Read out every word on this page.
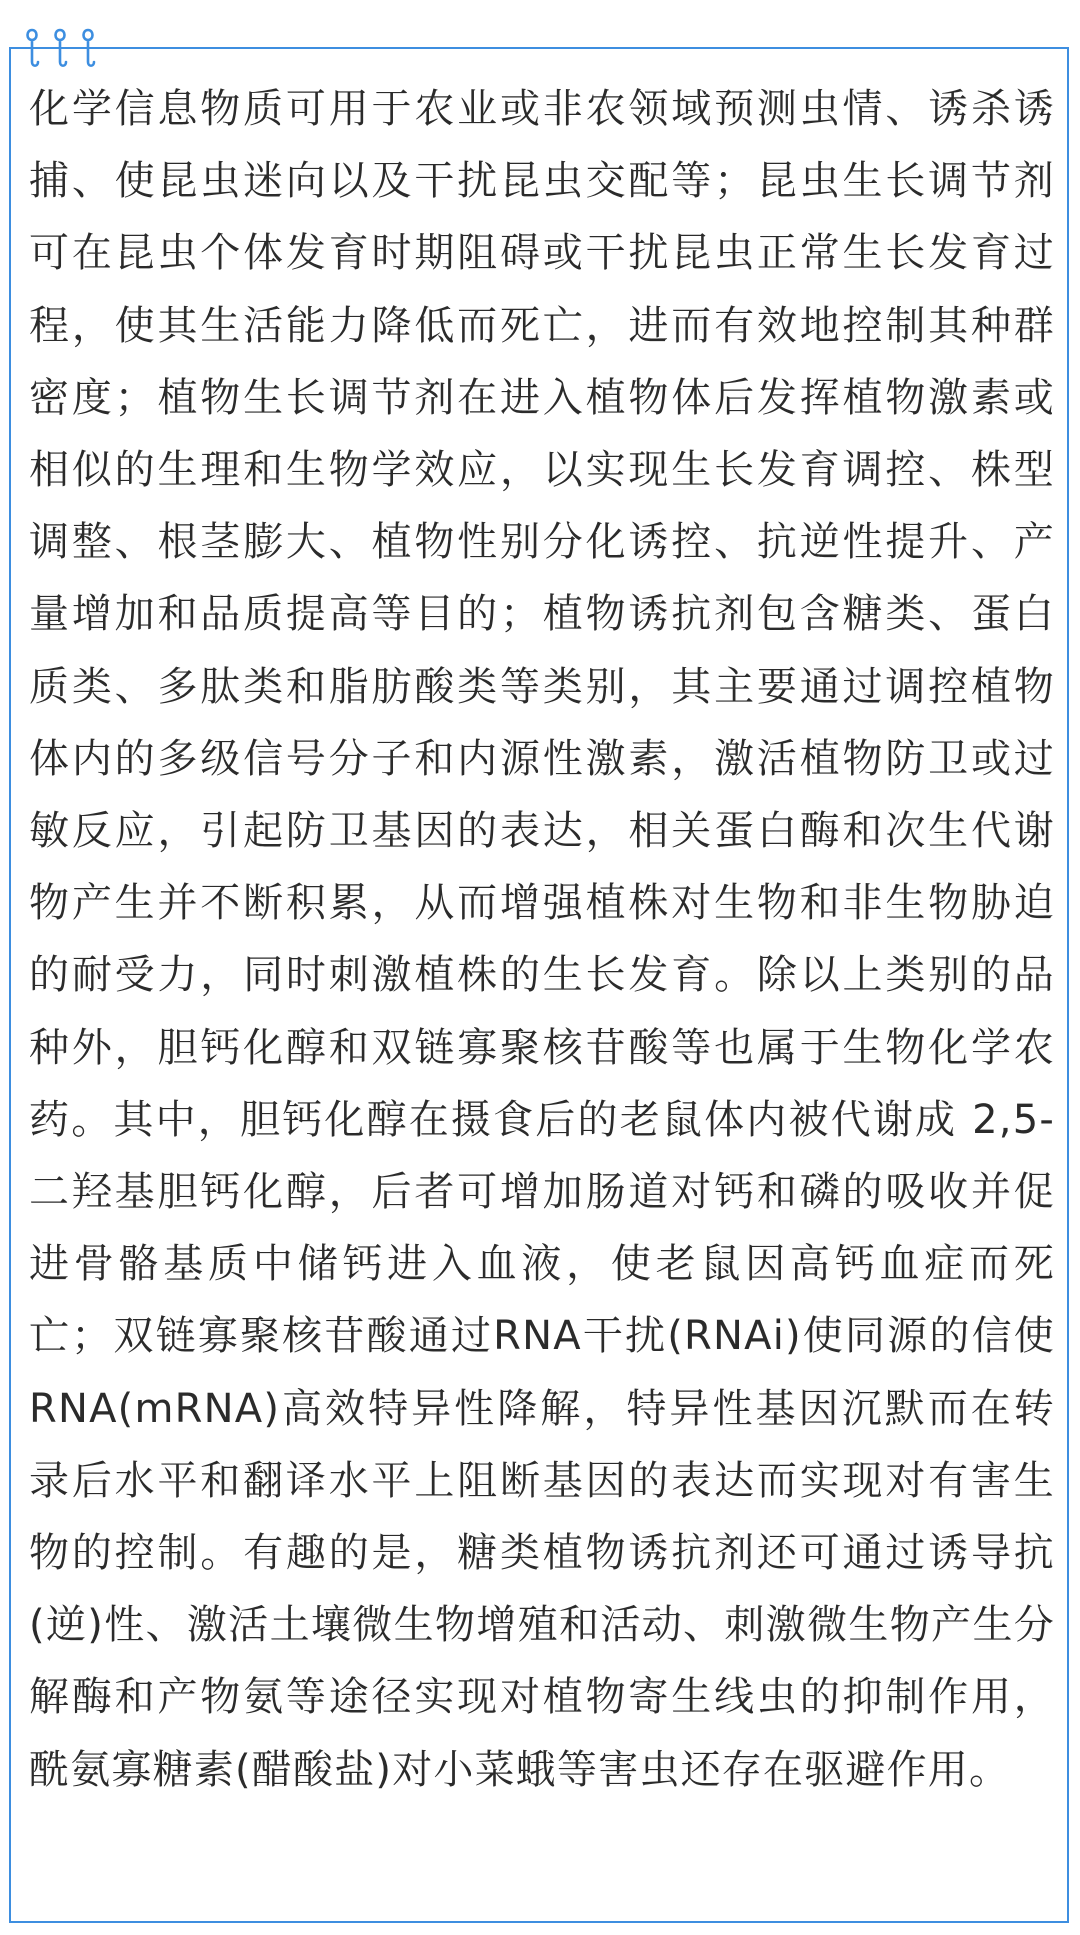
化学信息物质可用于农业或非农领域预测虫情、诱杀诱捕、使昆虫迷向以及干扰昆虫交配等；昆虫生长调节剂可在昆虫个体发育时期阻碍或干扰昆虫正常生长发育过程，使其生活能力降低而死亡，进而有效地控制其种群密度；植物生长调节剂在进入植物体后发挥植物激素或相似的生理和生物学效应，以实现生长发育调控、株型调整、根茎膨大、植物性别分化诱控、抗逆性提升、产量增加和品质提高等目的；植物诱抗剂包含糖类、蛋白质类、多肽类和脂肪酸类等类别，其主要通过调控植物体内的多级信号分子和内源性激素，激活植物防卫或过敏反应，引起防卫基因的表达，相关蛋白酶和次生代谢物产生并不断积累，从而增强植株对生物和非生物胁迫的耐受力，同时刺激植株的生长发育。除以上类别的品种外，胆钙化醇和双链寡聚核苷酸等也属于生物化学农药。其中，胆钙化醇在摄食后的老鼠体内被代谢成 2,5-二羟基胆钙化醇，后者可增加肠道对钙和磷的吸收并促进骨骼基质中储钙进入血液，使老鼠因高钙血症而死亡；双链寡聚核苷酸通过RNA干扰(RNAi)使同源的信使 RNA(mRNA)高效特异性降解，特异性基因沉默而在转录后水平和翻译水平上阻断基因的表达而实现对有害生物的控制。有趣的是，糖类植物诱抗剂还可通过诱导抗(逆)性、激活土壤微生物增殖和活动、刺激微生物产生分解酶和产物氨等途径实现对植物寄生线虫的抑制作用，酰氨寡糖素(醋酸盐)对小菜蛾等害虫还存在驱避作用。
